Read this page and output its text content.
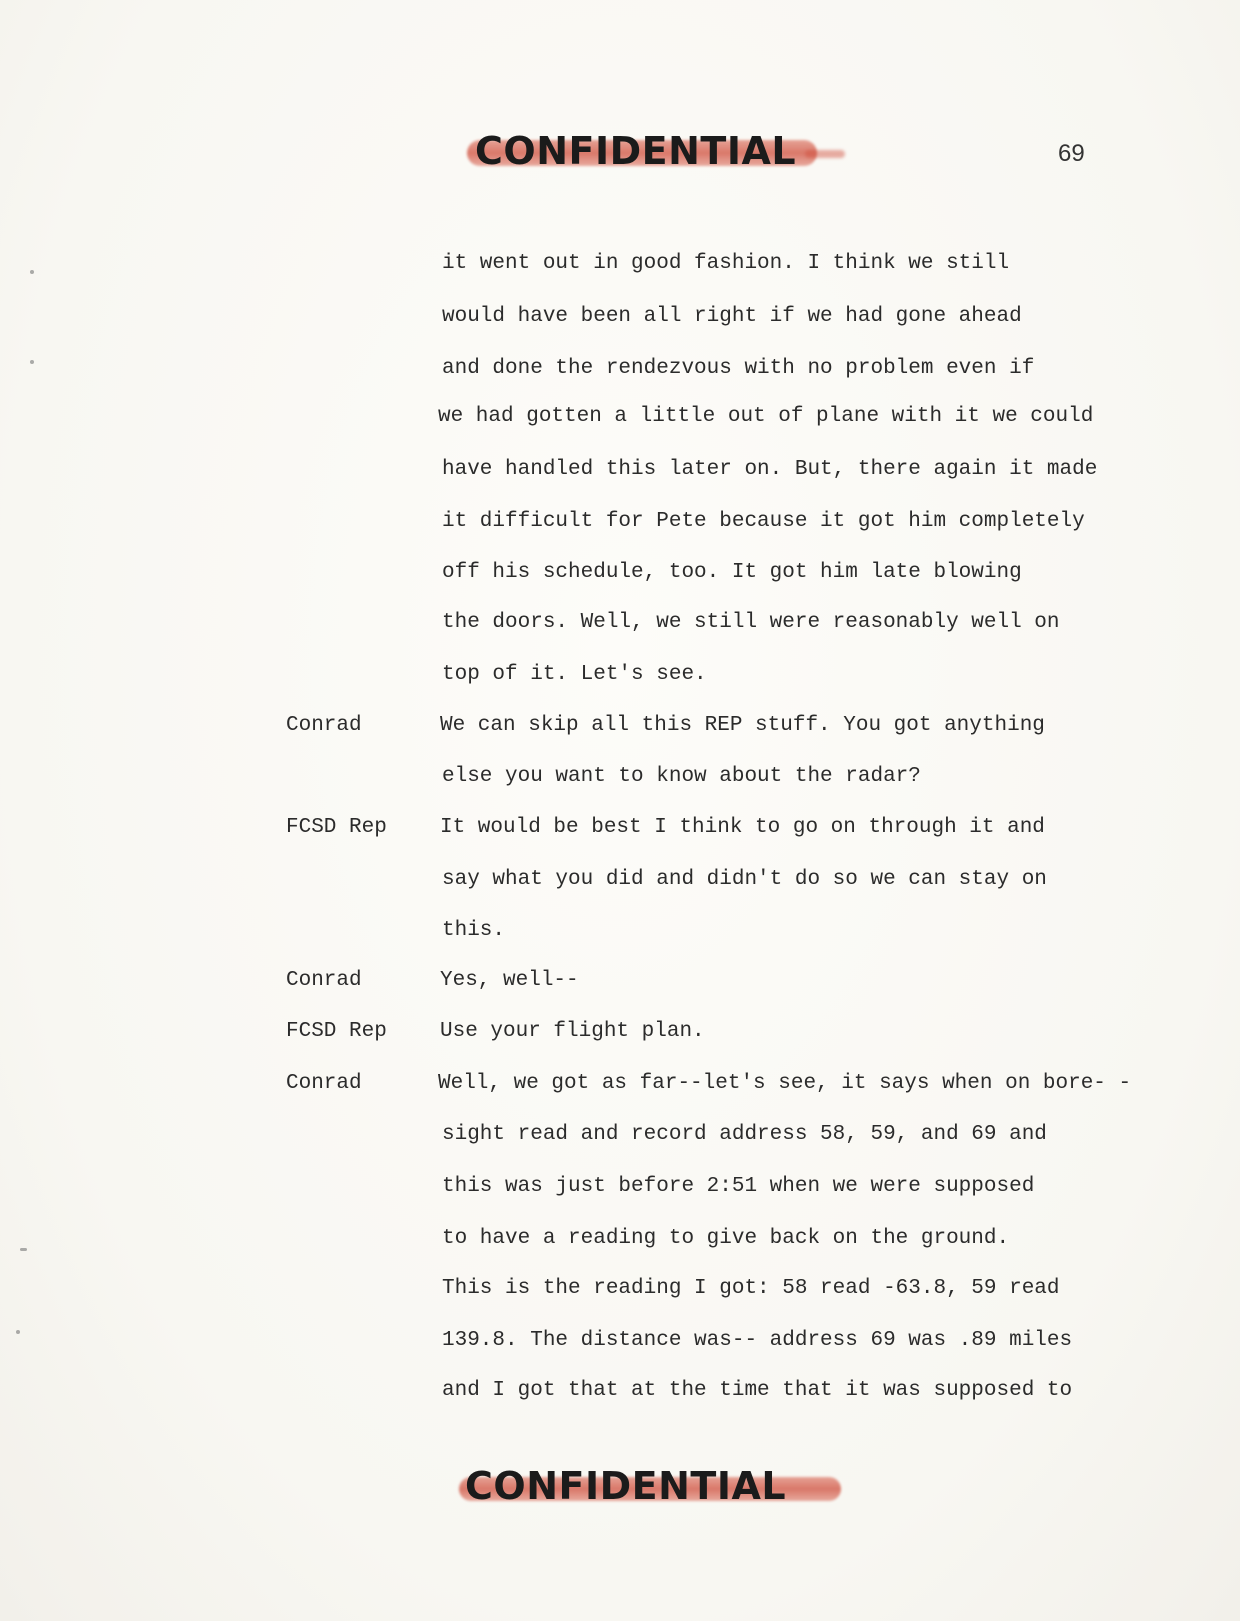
CONFIDENTIAL	69
it went out in good fashion. I think we still
would have been all right if we had gone ahead
and done the rendezvous with no problem even if
we had gotten a little out of plane with it we could
have handled this later on. But, there again it made
it difficult for Pete because it got him completely
off his schedule, too. It got him late blowing
the doors. Well, we still were reasonably well on
top of it. Let's see.
Conrad	We can skip all this REP stuff. You got anything
else you want to know about the radar?
FCSD Rep	It would be best I think to go on through it and
say what you did and didn't do so we can stay on
this.
Conrad	Yes, well--
FCSD Rep	Use your flight plan.
Conrad	Well, we got as far--let's see, it says when on bore- -
sight read and record address 58, 59, and 69 and
this was just before 2:51 when we were supposed
to have a reading to give back on the ground.
This is the reading I got: 58 read -63.8, 59 read
139.8. The distance was-- address 69 was .89 miles
and I got that at the time that it was supposed to
CONFIDENTIAL
